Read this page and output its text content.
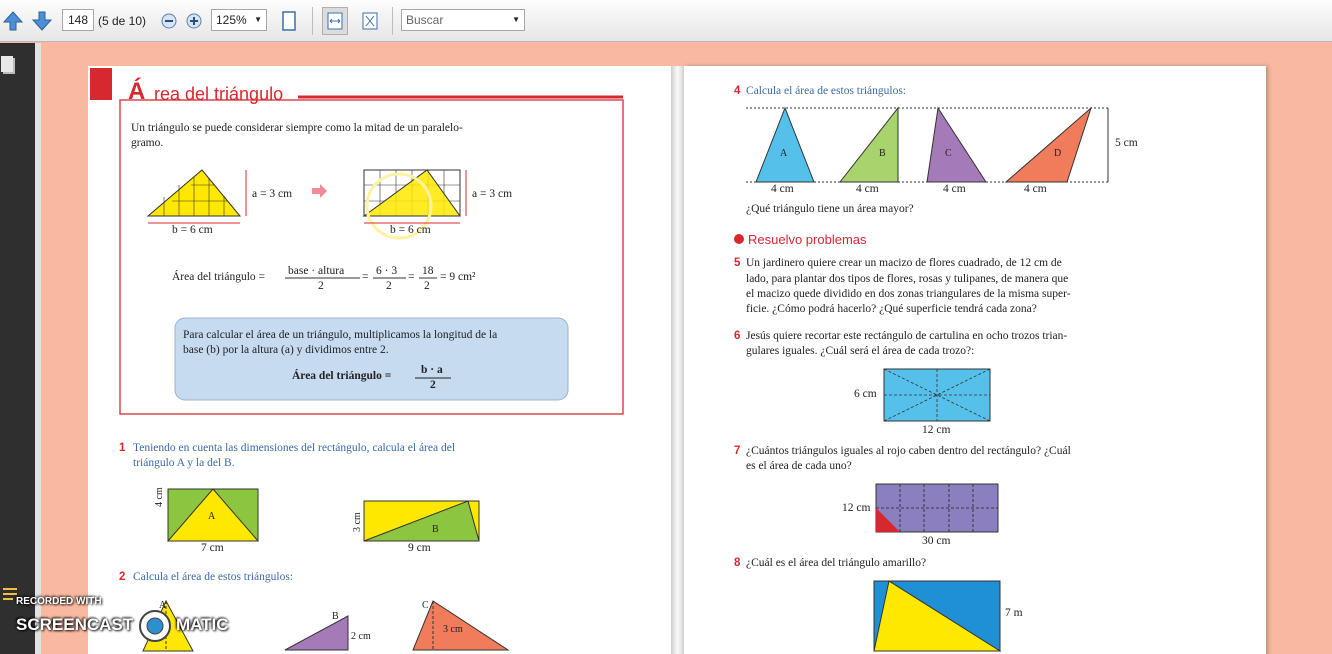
148 (5 de 10)	125% ▼	Buscar	▼
Á rea del triángulo
Un triángulo se puede considerar siempre como la mitad de un paralelo-
gramo.
a = 3 cm
b = 6 cm
a = 3 cm
b = 6 cm
Área del triángulo = base · altura
2
= 6 · 3
2
= 18
2
= 9 cm²
Para calcular el área de un triángulo, multiplicamos la longitud de la
base (b) por la altura (a) y dividimos entre 2.
Área del triángulo =	b · a
2
1 Teniendo en cuenta las dimensiones del rectángulo, calcula el área del
triángulo A y la del B.
4 cm
A
7 cm
3 cm	B
9 cm
2 Calcula el área de estos triángulos:
A
B
2 cm
C
3 cm
4 Calcula el área de estos triángulos:
A	B	C	D
4 cm	4 cm	4 cm	4 cm
5 cm
¿Qué triángulo tiene un área mayor?
Resuelvo problemas
5 Un jardinero quiere crear un macizo de flores cuadrado, de 12 cm de
lado, para plantar dos tipos de flores, rosas y tulipanes, de manera que
el macizo quede dividido en dos zonas triangulares de la misma super-
ficie. ¿Cómo podrá hacerlo? ¿Qué superficie tendrá cada zona?
6 Jesús quiere recortar este rectángulo de cartulina en ocho trozos trian-
gulares iguales. ¿Cuál será el área de cada trozo?:
6 cm
12 cm
7 ¿Cuántos triángulos iguales al rojo caben dentro del rectángulo? ¿Cuál
es el área de cada uno?
12 cm
30 cm
8 ¿Cuál es el área del triángulo amarillo?
7 m
RECORDED WITH
SCREENCAST	MATIC
